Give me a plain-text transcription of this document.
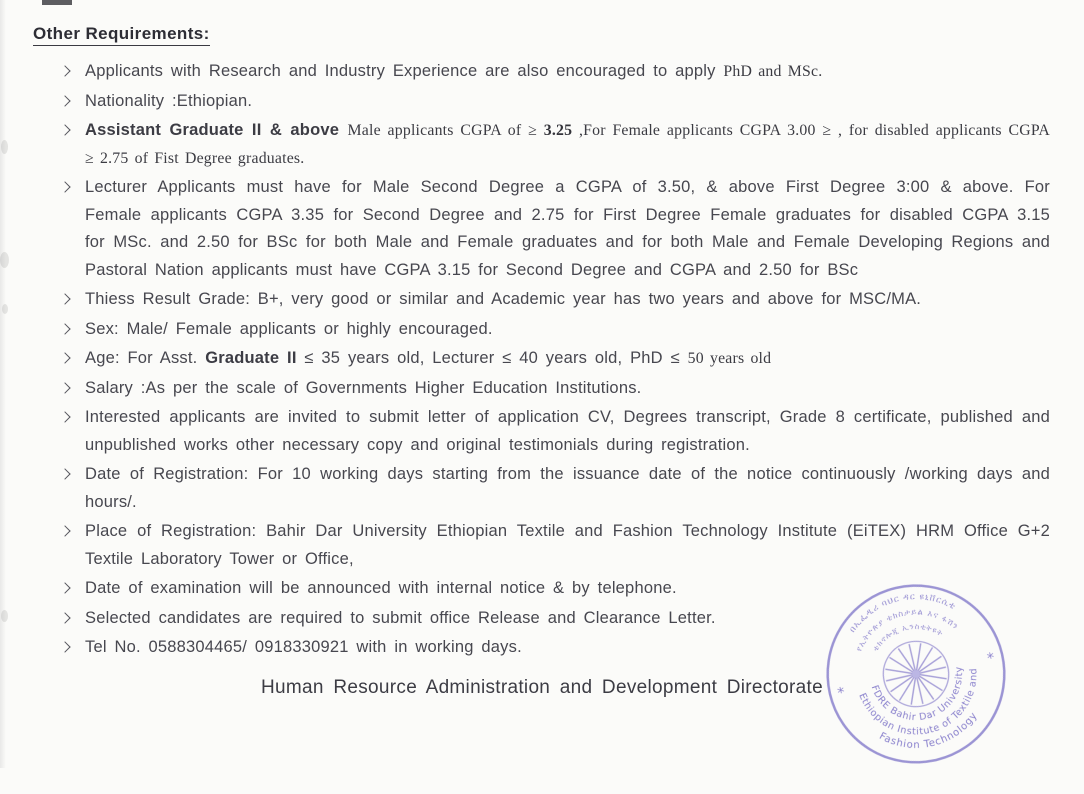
Other Requirements:
Applicants with Research and Industry Experience are also encouraged to apply PhD and MSc.
Nationality :Ethiopian.
Assistant Graduate II & above Male applicants CGPA of ≥ 3.25 ,For Female applicants CGPA 3.00 ≥ , for disabled applicants CGPA ≥ 2.75 of Fist Degree graduates.
Lecturer Applicants must have for Male Second Degree a CGPA of 3.50, & above First Degree 3:00 & above. For Female applicants CGPA 3.35 for Second Degree and 2.75 for First Degree Female graduates for disabled CGPA 3.15 for MSc. and 2.50 for BSc for both Male and Female graduates and for both Male and Female Developing Regions and Pastoral Nation applicants must have CGPA 3.15 for Second Degree and CGPA and 2.50 for BSc
Thiess Result Grade: B+, very good or similar and Academic year has two years and above for MSC/MA.
Sex: Male/ Female applicants or highly encouraged.
Age: For Asst. Graduate II ≤ 35 years old, Lecturer ≤ 40 years old, PhD ≤ 50 years old
Salary :As per the scale of Governments Higher Education Institutions.
Interested applicants are invited to submit letter of application CV, Degrees transcript, Grade 8 certificate, published and unpublished works other necessary copy and original testimonials during registration.
Date of Registration: For 10 working days starting from the issuance date of the notice continuously /working days and hours/.
Place of Registration: Bahir Dar University Ethiopian Textile and Fashion Technology Institute (EiTEX) HRM Office G+2 Textile Laboratory Tower or Office,
Date of examination will be announced with internal notice & by telephone.
Selected candidates are required to submit office Release and Clearance Letter.
Tel No. 0588304465/ 0918330921 with in working days.
Human Resource Administration and Development Directorate
በኢፌዲሪ ባህር ዳር ዩኒቨርሲቲ
የኢትዮጵያ ቴክስታይል እና ፋሽን
ቴክኖሎጂ ኢንስቲትዩት
FDRE Bahir Dar University
Ethiopian Institute of Textile and
Fashion Technology
*
*
